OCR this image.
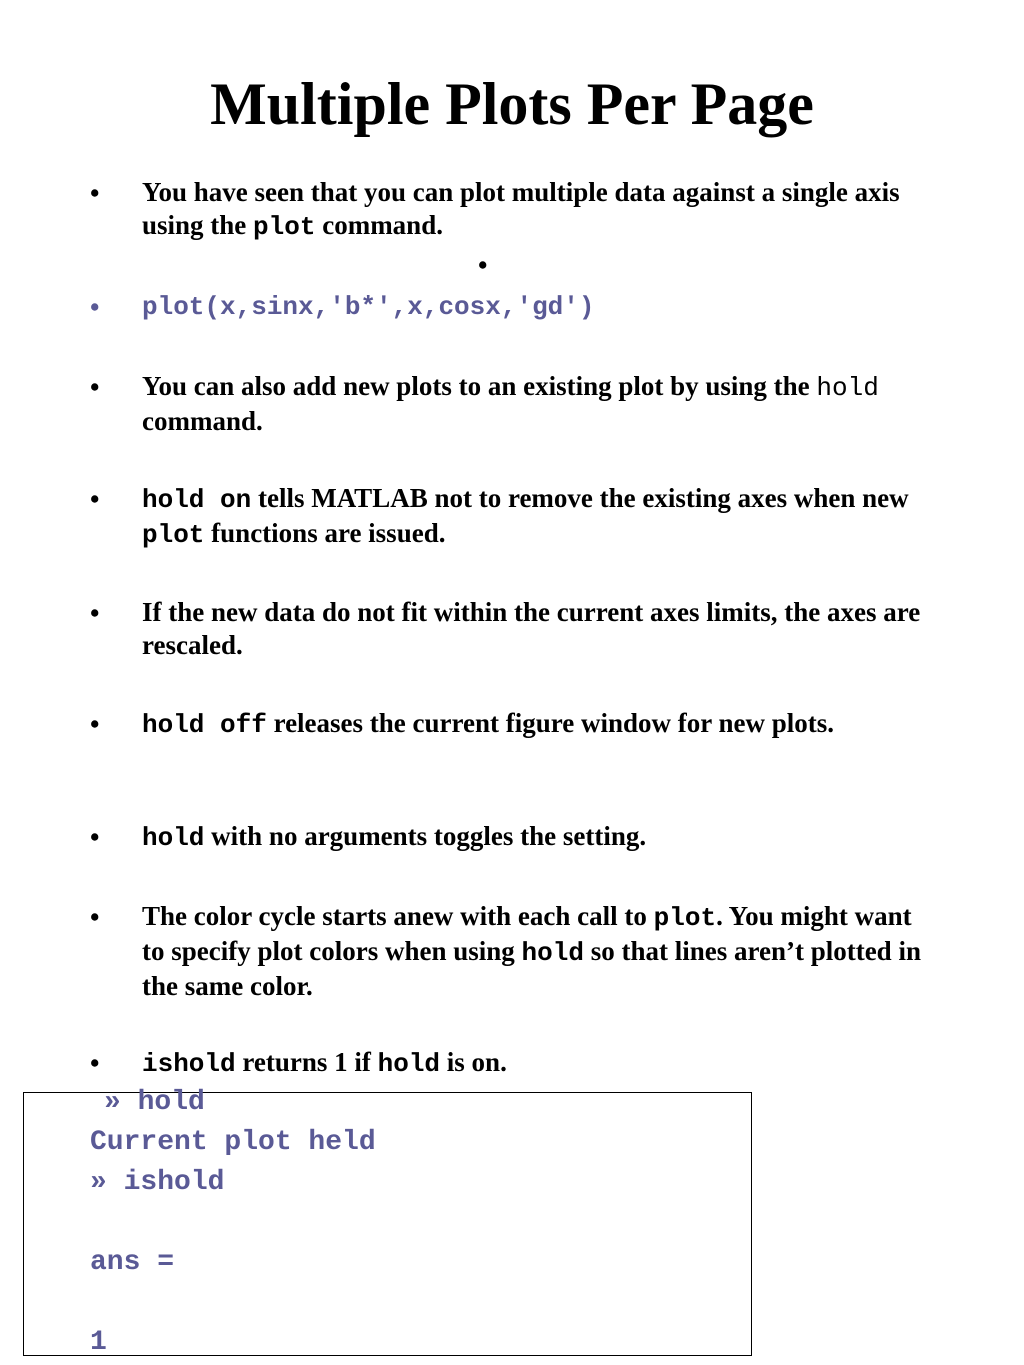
Multiple Plots Per Page
• You have seen that you can plot multiple data against a single axis using the plot command.
•
• plot(x,sinx,'b*',x,cosx,'gd')
• You can also add new plots to an existing plot by using the hold command.
• hold on tells MATLAB not to remove the existing axes when new plot functions are issued.
• If the new data do not fit within the current axes limits, the axes are rescaled.
• hold off releases the current figure window for new plots.
• hold with no arguments toggles the setting.
• The color cycle starts anew with each call to plot. You might want to specify plot colors when using hold so that lines aren’t plotted in the same color.
• ishold returns 1 if hold is on.
» hold
Current plot held
» ishold
ans =
1
